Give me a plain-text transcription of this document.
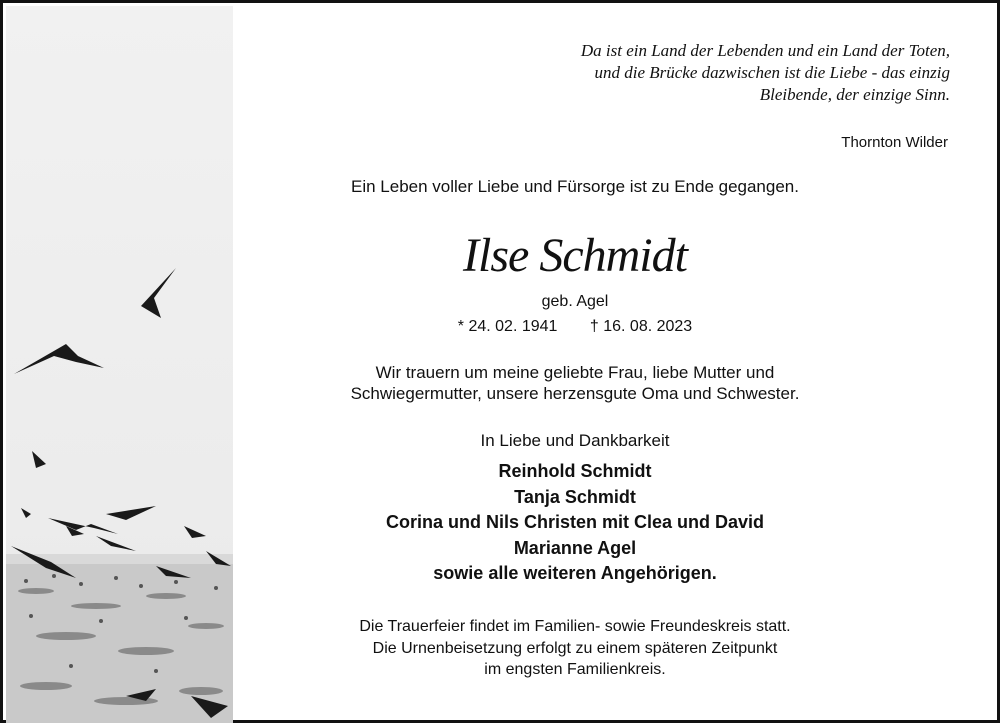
Da ist ein Land der Lebenden und ein Land der Toten,
und die Brücke dazwischen ist die Liebe - das einzig
Bleibende, der einzige Sinn.
Thornton Wilder
Ein Leben voller Liebe und Fürsorge ist zu Ende gegangen.
Ilse Schmidt
geb. Agel
* 24. 02. 1941 † 16. 08. 2023
Wir trauern um meine geliebte Frau, liebe Mutter und
Schwiegermutter, unsere herzensgute Oma und Schwester.
In Liebe und Dankbarkeit
Reinhold Schmidt
Tanja Schmidt
Corina und Nils Christen mit Clea und David
Marianne Agel
sowie alle weiteren Angehörigen.
Die Trauerfeier findet im Familien- sowie Freundeskreis statt.
Die Urnenbeisetzung erfolgt zu einem späteren Zeitpunkt
im engsten Familienkreis.
